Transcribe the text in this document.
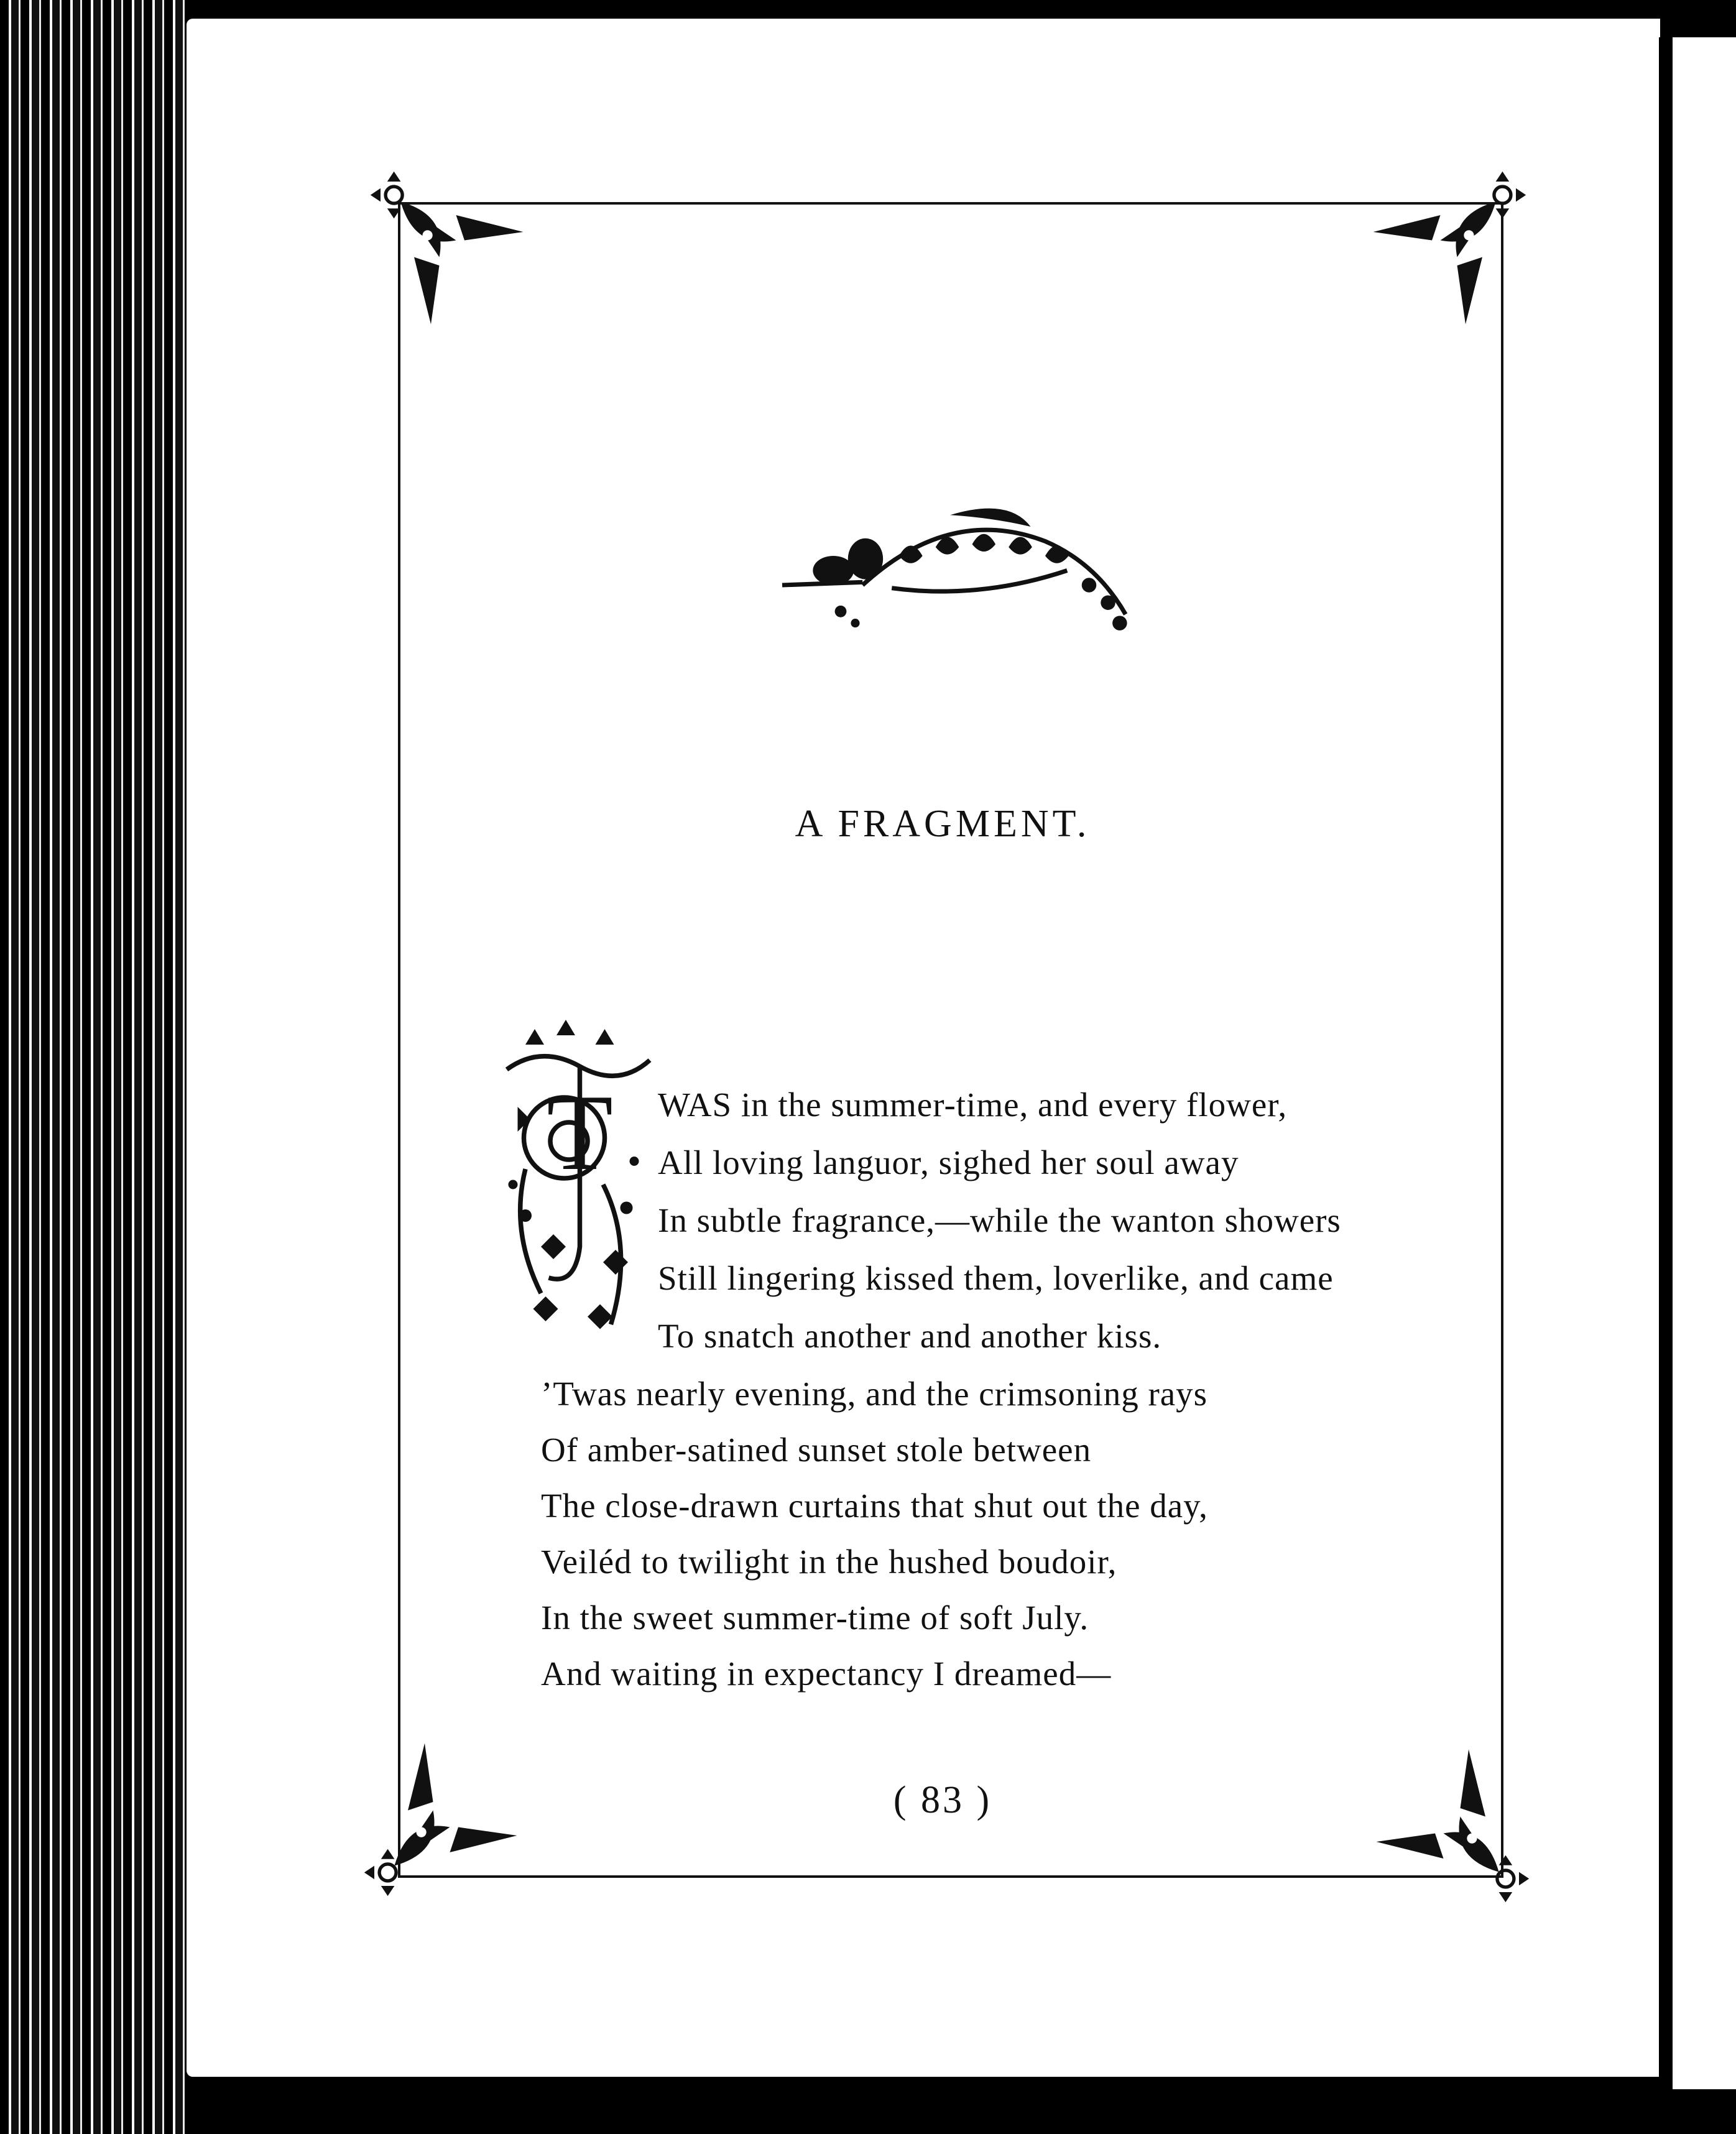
A FRAGMENT.
T WAS in the summer-time, and every flower,
All loving languor, sighed her soul away
In subtle fragrance,—while the wanton showers
Still lingering kissed them, loverlike, and came
To snatch another and another kiss.
’Twas nearly evening, and the crimsoning rays
Of amber-satined sunset stole between
The close-drawn curtains that shut out the day,
Veiléd to twilight in the hushed boudoir,
In the sweet summer-time of soft July.
And waiting in expectancy I dreamed—
( 83 )
